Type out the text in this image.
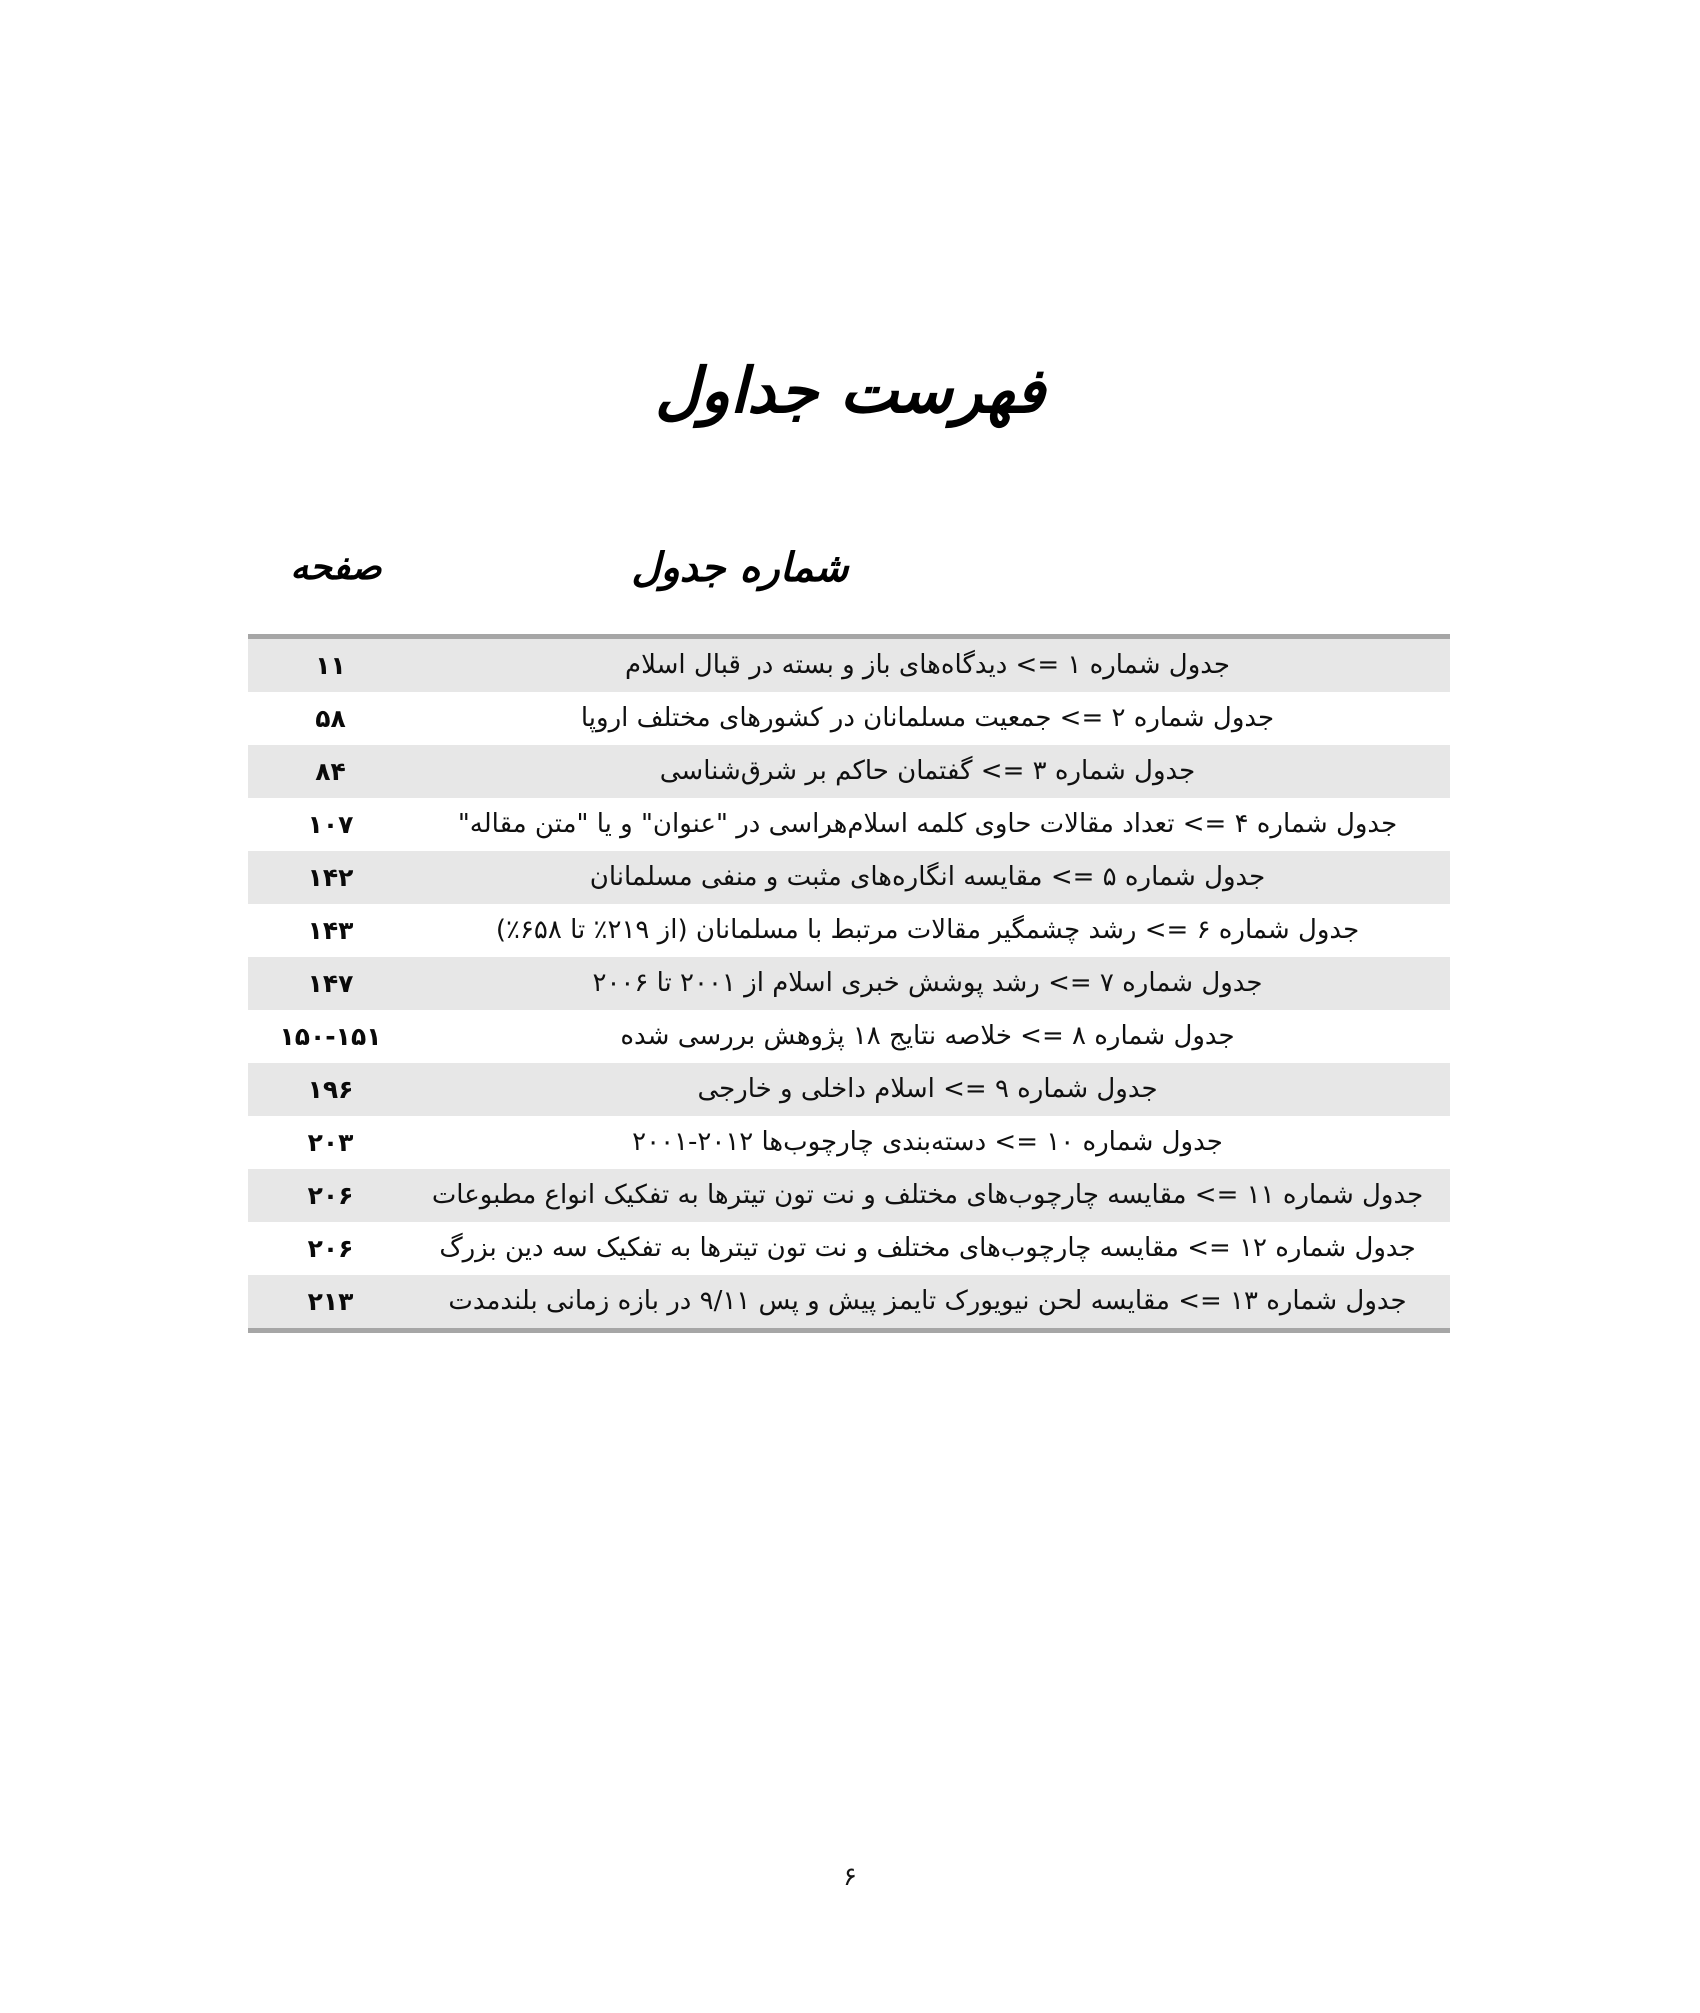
فهرست جداول
شماره جدول
صفحه
جدول شماره ۱ => دیدگاه‌های باز و بسته در قبال اسلام
۱۱
جدول شماره ۲ => جمعیت مسلمانان در کشورهای مختلف اروپا
۵۸
جدول شماره ۳ => گفتمان حاکم بر شرق‌شناسی
۸۴
جدول شماره ۴ => تعداد مقالات حاوی کلمه اسلام‌هراسی در "عنوان" و یا "متن مقاله"
۱۰۷
جدول شماره ۵ => مقایسه انگاره‌های مثبت و منفی مسلمانان
۱۴۲
جدول شماره ۶ => رشد چشمگیر مقالات مرتبط با مسلمانان (از ۲۱۹٪ تا ۶۵۸٪)
۱۴۳
جدول شماره ۷ => رشد پوشش خبری اسلام از ۲۰۰۱ تا ۲۰۰۶
۱۴۷
جدول شماره ۸ => خلاصه نتایج ۱۸ پژوهش بررسی شده
۱۵۰-۱۵۱
جدول شماره ۹ => اسلام داخلی و خارجی
۱۹۶
جدول شماره ۱۰ => دسته‌بندی چارچوب‌ها ۲۰۱۲-۲۰۰۱
۲۰۳
جدول شماره ۱۱ => مقایسه چارچوب‌های مختلف و نت تون تیترها به تفکیک انواع مطبوعات
۲۰۶
جدول شماره ۱۲ => مقایسه چارچوب‌های مختلف و نت تون تیترها به تفکیک سه دین بزرگ
۲۰۶
جدول شماره ۱۳ => مقایسه لحن نیویورک تایمز پیش و پس ۹/۱۱ در بازه زمانی بلندمدت
۲۱۳
۶
